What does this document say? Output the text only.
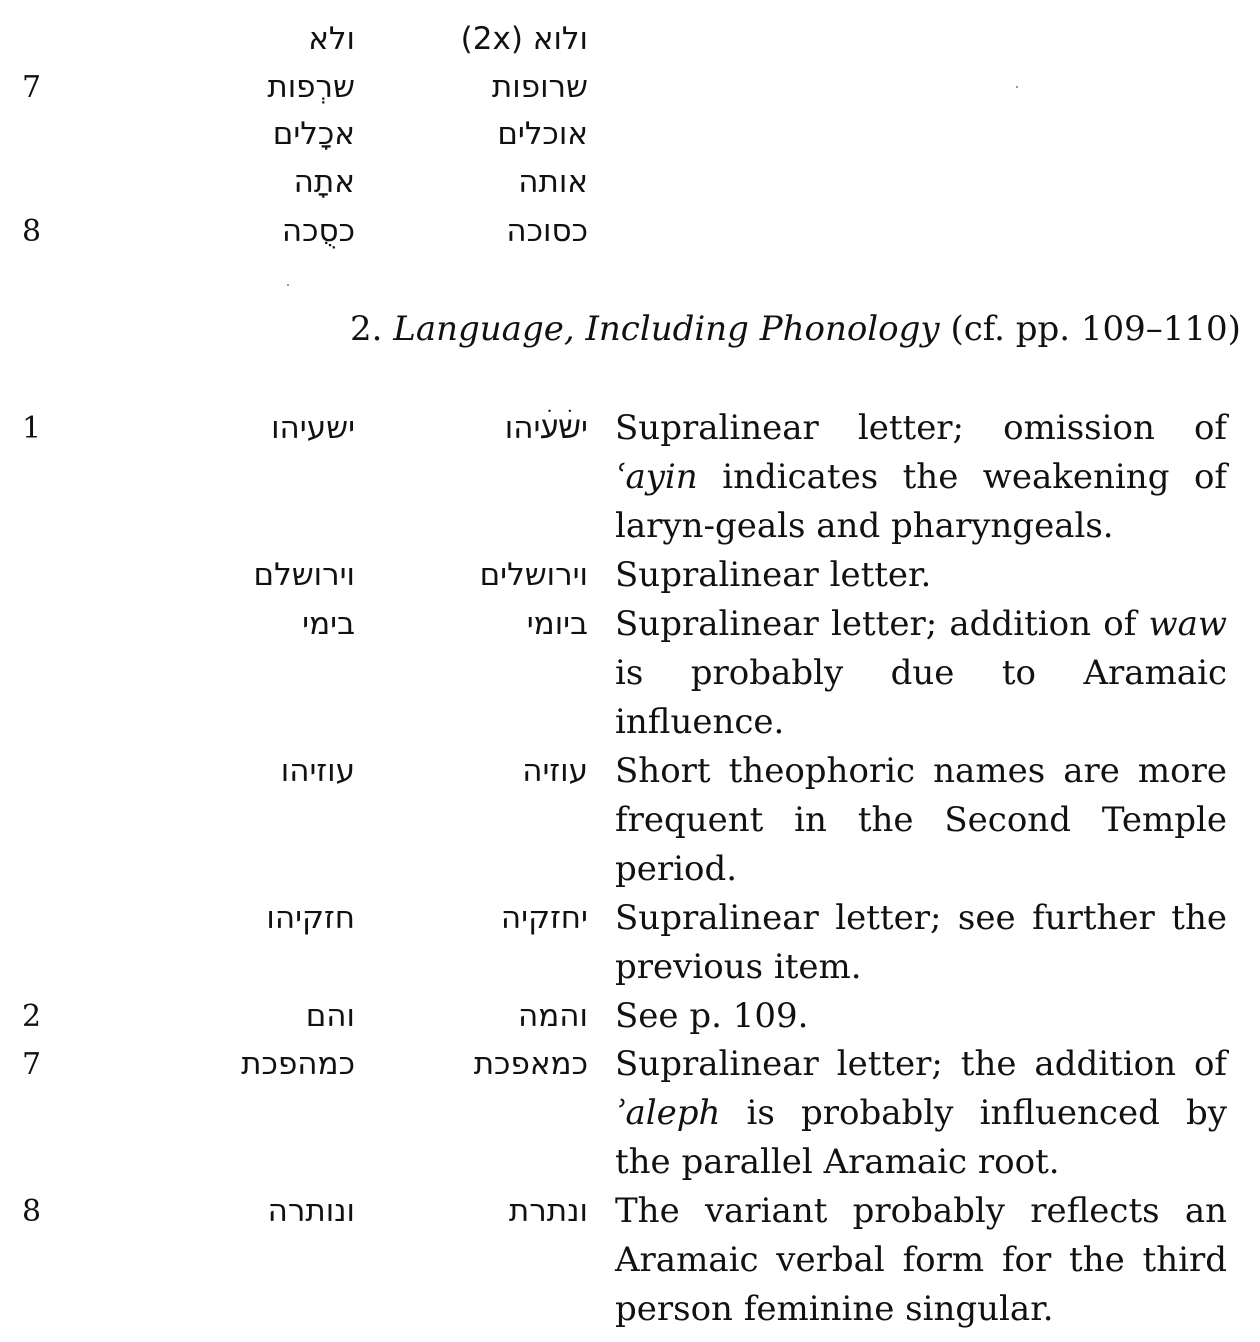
ולא	ולוא (2x)
7	שרְפות	שרופות
אכָלים	אוכלים
אתָה	אותה
8	כסֻכה	כסוכה
2. Language, Including Phonology (cf. pp. 109–110)
1	ישעיהו	ישׄעׄיהו Supralinear letter; omission of ʿayin indicates the weakening of laryn-geals and pharyngeals.
וירושלם	וירושלים Supralinear letter.
בימי	ביומי Supralinear letter; addition of waw is probably due to Aramaic influence.
עוזיהו	עוזיה Short theophoric names are more frequent in the Second Temple period.
חזקיהו	יחזקיה Supralinear letter; see further the previous item.
2	והם	והמה See p. 109.
7	כמהפכת	כמאפכת Supralinear letter; the addition of ʾaleph is probably influenced by the parallel Aramaic root.
8	ונותרה	ונתרת The variant probably reflects an Aramaic verbal form for the third person feminine singular.
